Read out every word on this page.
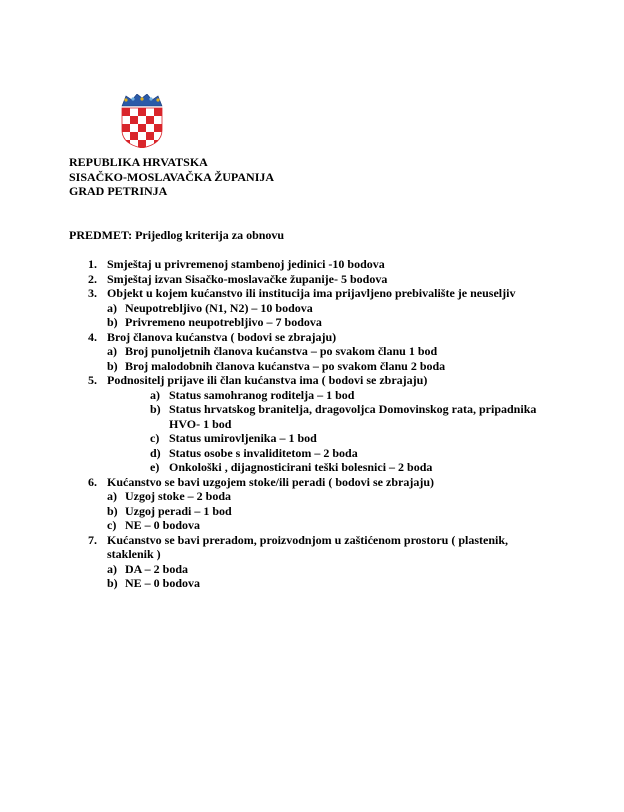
REPUBLIKA HRVATSKA
SISAČKO-MOSLAVAČKA ŽUPANIJA
GRAD PETRINJA
PREDMET: Prijedlog kriterija za obnovu
1. Smještaj u privremenoj stambenoj jedinici -10 bodova
2. Smještaj izvan Sisačko-moslavačke županije- 5 bodova
3. Objekt u kojem kućanstvo ili institucija ima prijavljeno prebivalište je neuseljiv
a) Neupotrebljivo (N1, N2) – 10 bodova
b) Privremeno neupotrebljivo – 7 bodova
4. Broj članova kućanstva ( bodovi se zbrajaju)
a) Broj punoljetnih članova kućanstva – po svakom članu 1 bod
b) Broj malodobnih članova kućanstva – po svakom članu 2 boda
5. Podnositelj prijave ili član kućanstva ima ( bodovi se zbrajaju)
a) Status samohranog roditelja – 1 bod
b) Status hrvatskog branitelja, dragovoljca Domovinskog rata, pripadnika
HVO- 1 bod
c) Status umirovljenika – 1 bod
d) Status osobe s invaliditetom – 2 boda
e) Onkološki , dijagnosticirani teški bolesnici – 2 boda
6. Kućanstvo se bavi uzgojem stoke/ili peradi ( bodovi se zbrajaju)
a) Uzgoj stoke – 2 boda
b) Uzgoj peradi – 1 bod
c) NE – 0 bodova
7. Kućanstvo se bavi preradom, proizvodnjom u zaštićenom prostoru ( plastenik,
staklenik )
a) DA – 2 boda
b) NE – 0 bodova
